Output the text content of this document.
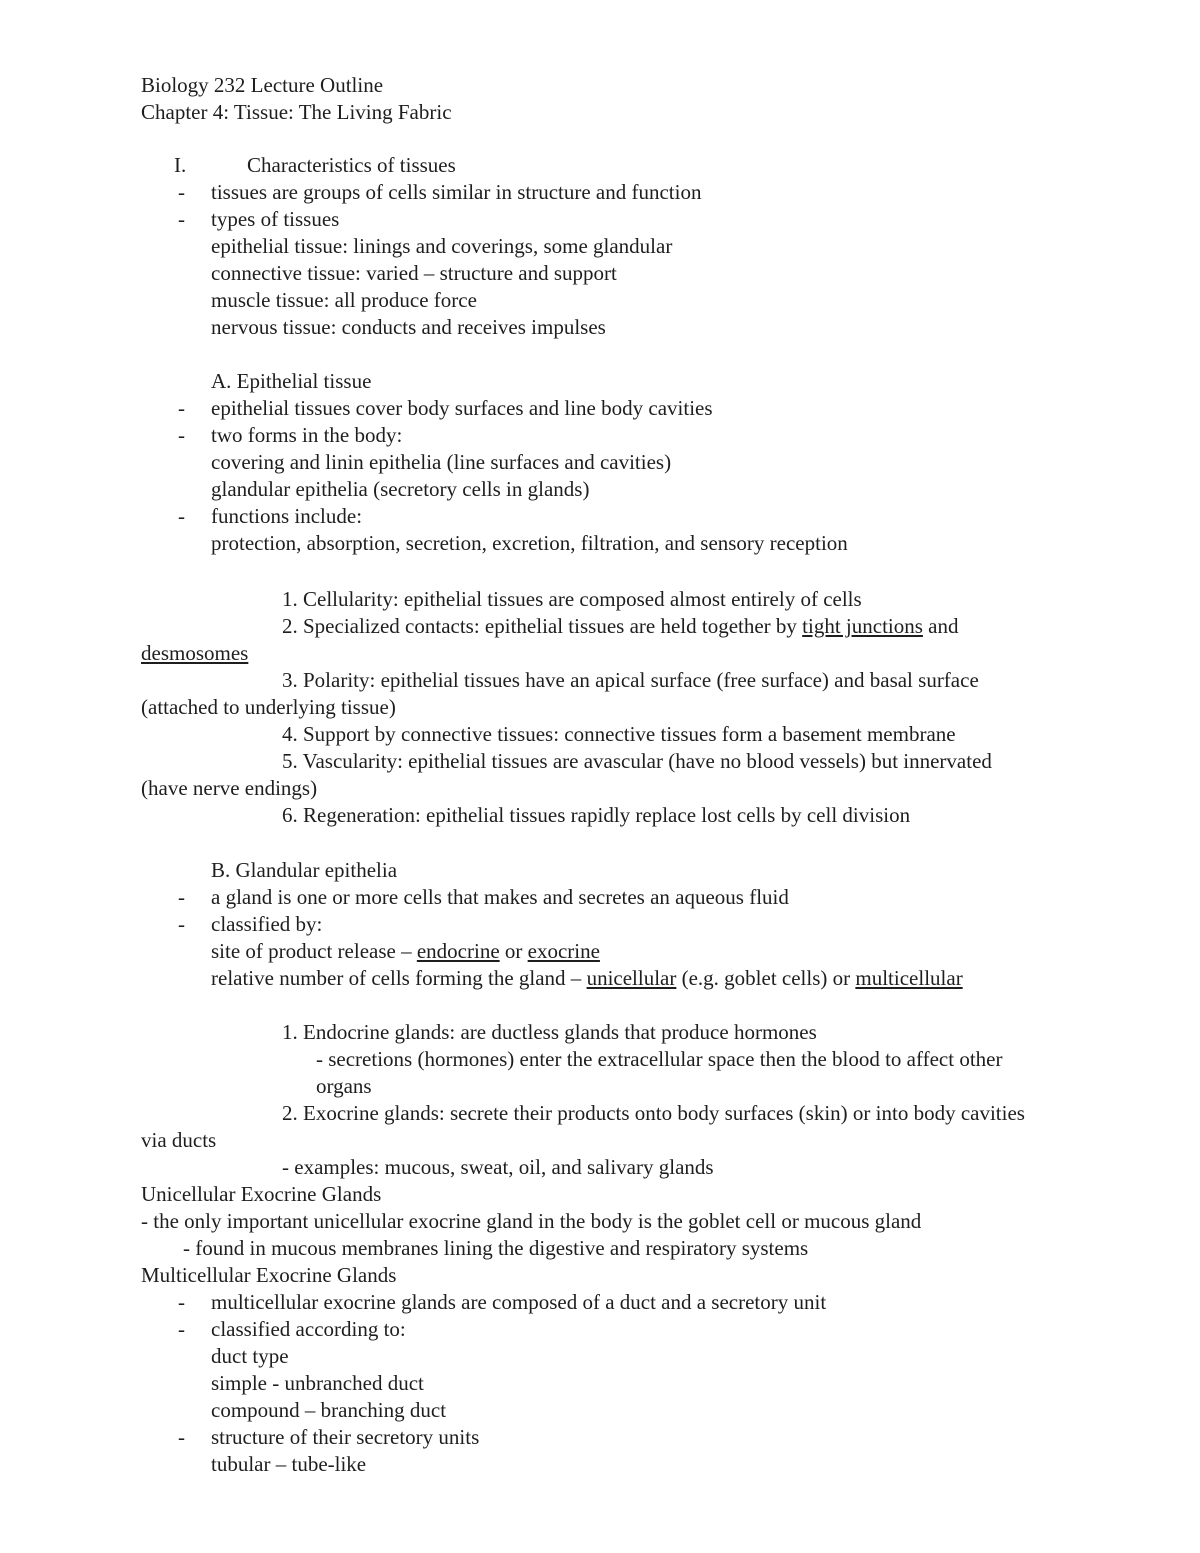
Biology 232 Lecture Outline
Chapter 4: Tissue: The Living Fabric
I.	Characteristics of tissues
- tissues are groups of cells similar in structure and function
- types of tissues
epithelial tissue: linings and coverings, some glandular
connective tissue: varied – structure and support
muscle tissue: all produce force
nervous tissue: conducts and receives impulses
A. Epithelial tissue
- epithelial tissues cover body surfaces and line body cavities
- two forms in the body:
covering and linin epithelia (line surfaces and cavities)
glandular epithelia (secretory cells in glands)
- functions include:
protection, absorption, secretion, excretion, filtration, and sensory reception
1. Cellularity: epithelial tissues are composed almost entirely of cells
2. Specialized contacts: epithelial tissues are held together by tight junctions and
desmosomes
3. Polarity: epithelial tissues have an apical surface (free surface) and basal surface
(attached to underlying tissue)
4. Support by connective tissues: connective tissues form a basement membrane
5. Vascularity: epithelial tissues are avascular (have no blood vessels) but innervated
(have nerve endings)
6. Regeneration: epithelial tissues rapidly replace lost cells by cell division
B. Glandular epithelia
- a gland is one or more cells that makes and secretes an aqueous fluid
- classified by:
site of product release – endocrine or exocrine
relative number of cells forming the gland – unicellular (e.g. goblet cells) or multicellular
1. Endocrine glands: are ductless glands that produce hormones
- secretions (hormones) enter the extracellular space then the blood to affect other
organs
2. Exocrine glands: secrete their products onto body surfaces (skin) or into body cavities
via ducts
- examples: mucous, sweat, oil, and salivary glands
Unicellular Exocrine Glands
- the only important unicellular exocrine gland in the body is the goblet cell or mucous gland
- found in mucous membranes lining the digestive and respiratory systems
Multicellular Exocrine Glands
- multicellular exocrine glands are composed of a duct and a secretory unit
- classified according to:
duct type
simple - unbranched duct
compound – branching duct
- structure of their secretory units
tubular – tube-like
